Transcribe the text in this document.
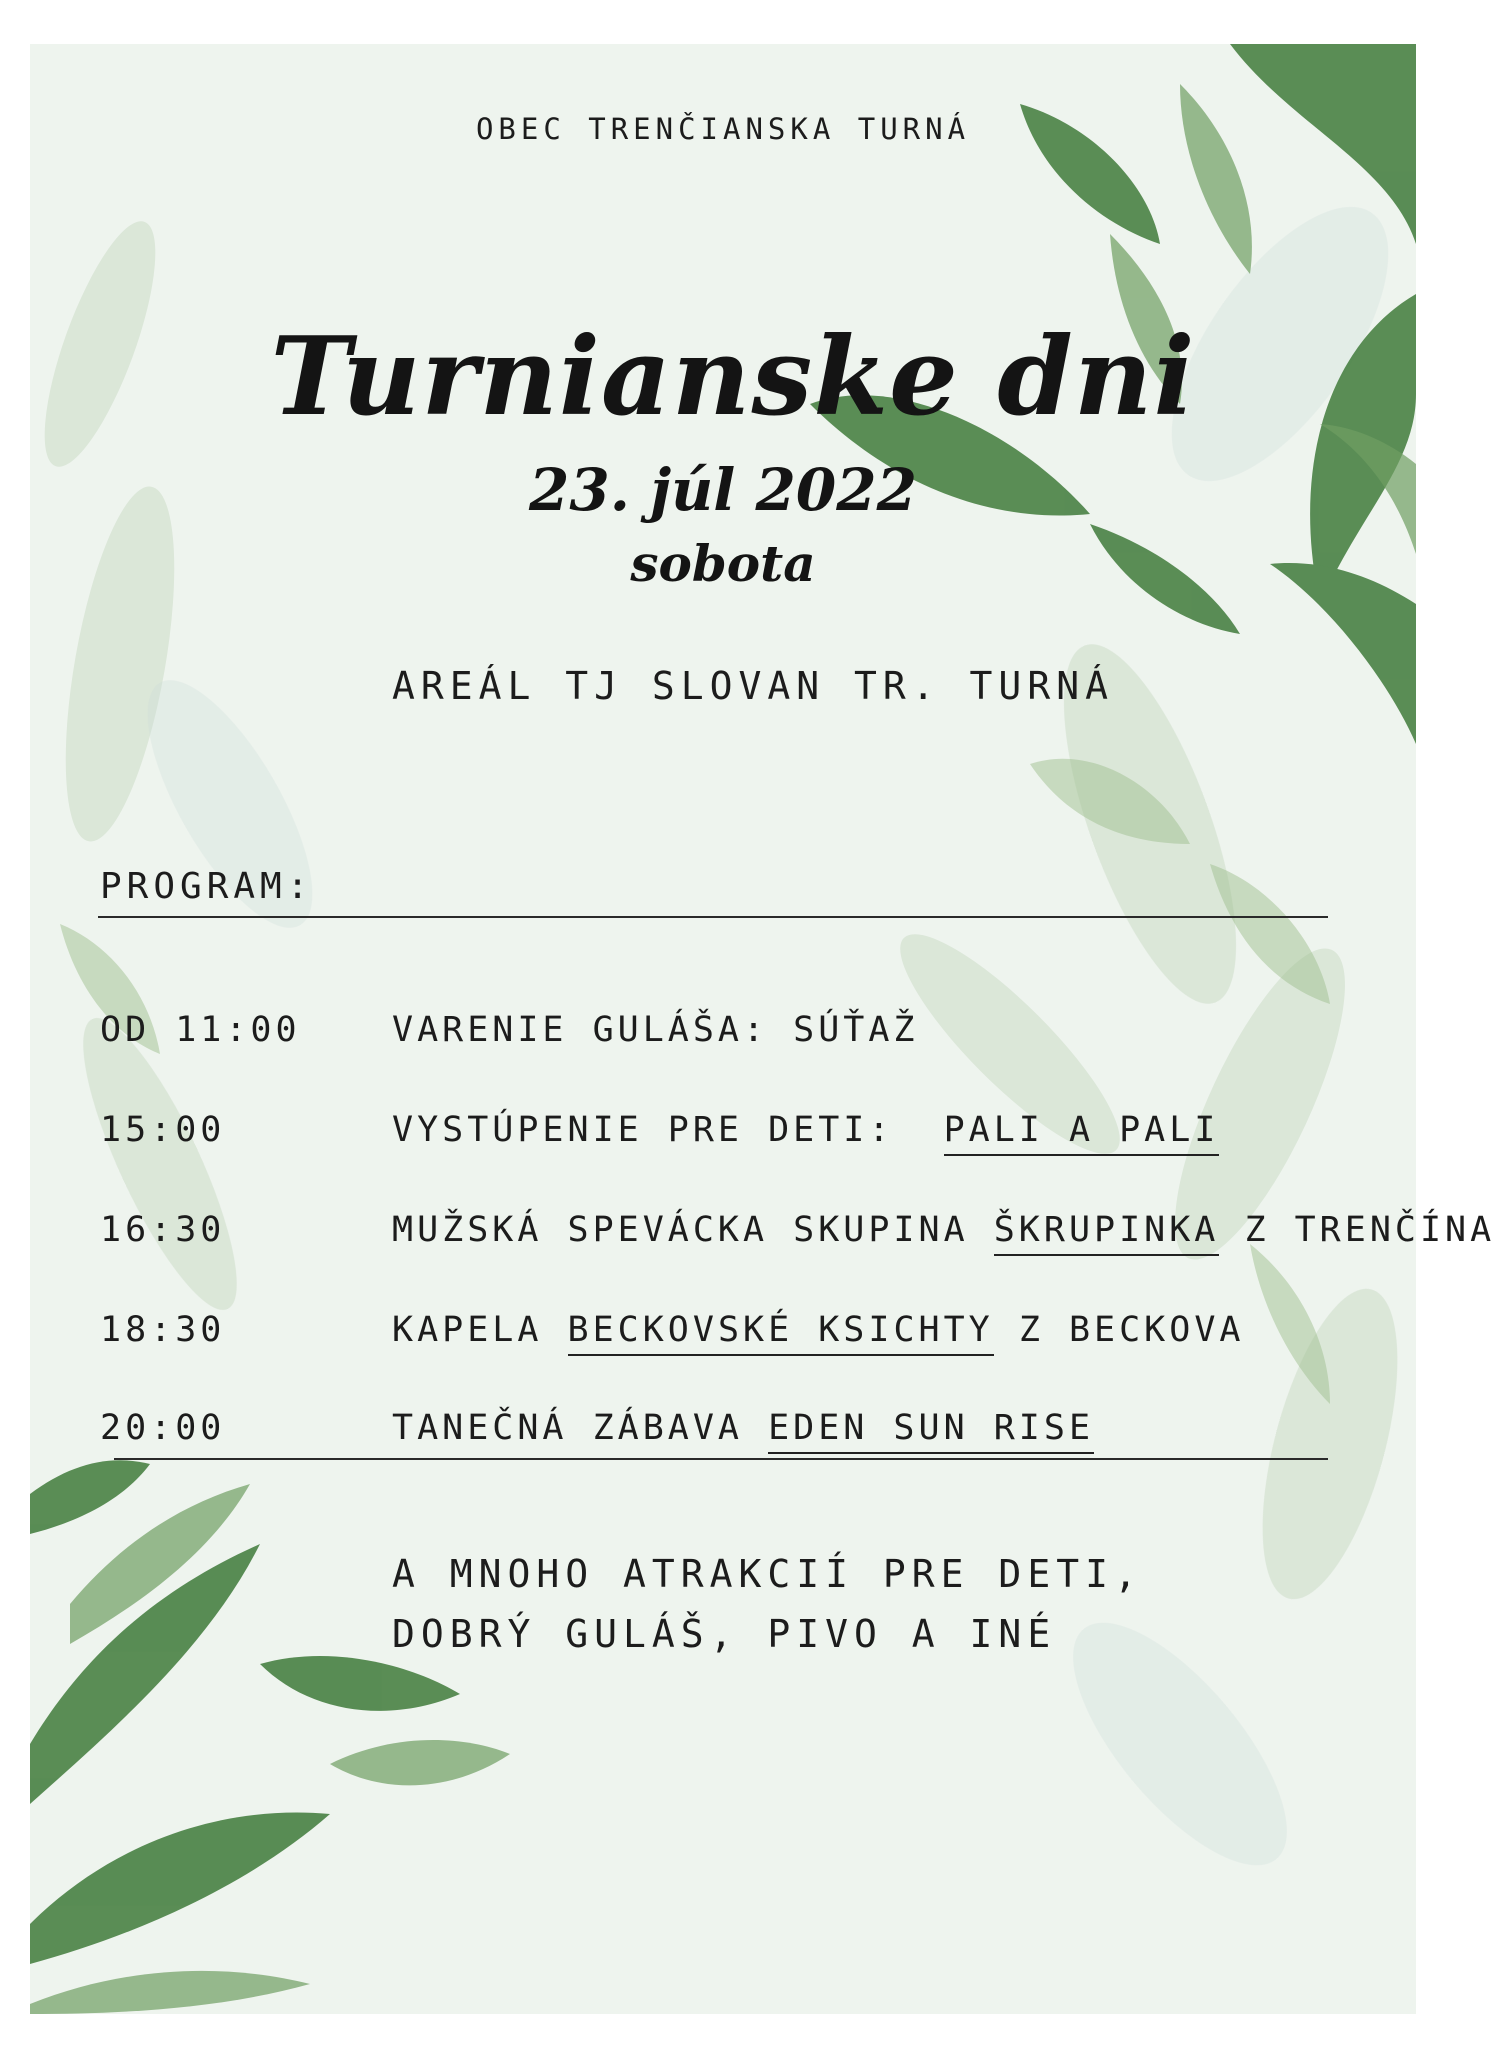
OBEC TRENČIANSKA TURNÁ
Turnianske dni
23. júl 2022
sobota
AREÁL TJ SLOVAN TR. TURNÁ
PROGRAM:
OD 11:00	VARENIE GULÁŠA: SÚŤAŽ
15:00	VYSTÚPENIE PRE DETI:  PALI A PALI
16:30	MUŽSKÁ SPEVÁCKA SKUPINA ŠKRUPINKA Z TRENČÍNA
18:30	KAPELA BECKOVSKÉ KSICHTY Z BECKOVA
20:00	TANEČNÁ ZÁBAVA EDEN SUN RISE
A MNOHO ATRAKCIÍ PRE DETI,
DOBRÝ GULÁŠ, PIVO A INÉ
